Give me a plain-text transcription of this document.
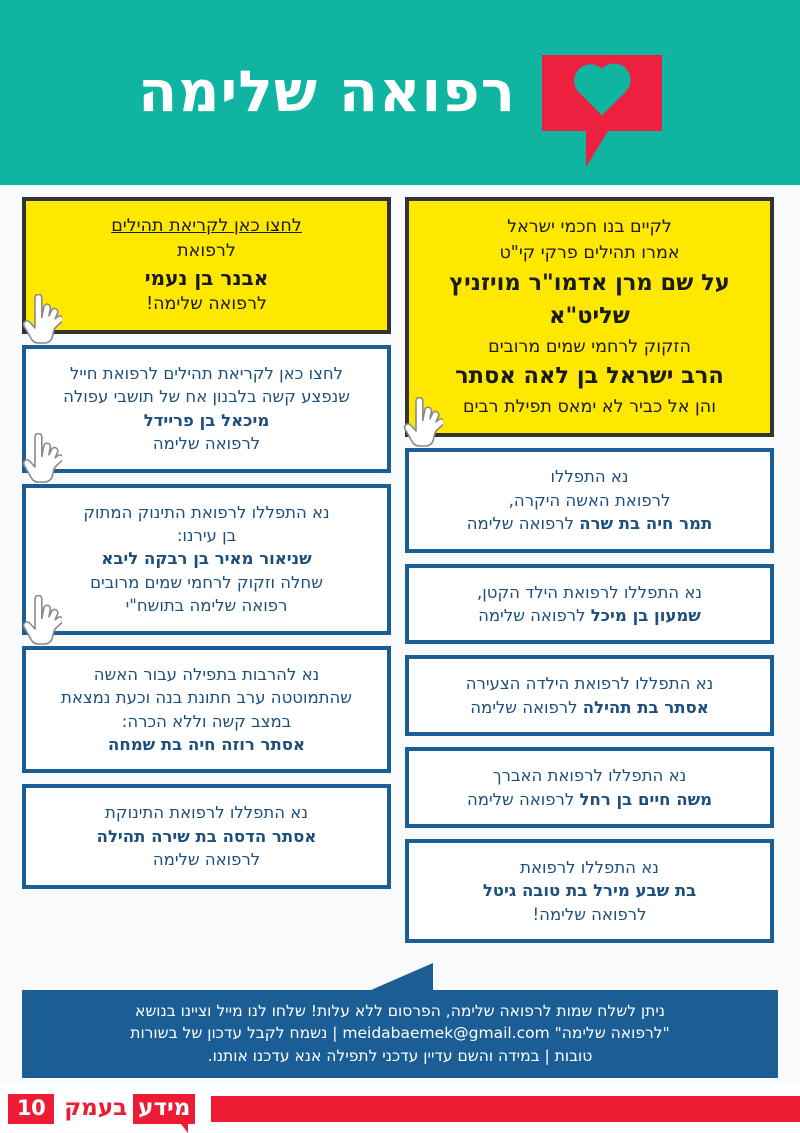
רפואה שלימה
לחצו כאן לקריאת תהילים
לרפואת
אבנר בן נעמי
לרפואה שלימה!
לחצו כאן לקריאת תהילים לרפואת חייל
שנפצע קשה בלבנון אח של תושבי עפולה
מיכאל בן פריידל
לרפואה שלימה
נא התפללו לרפואת התינוק המתוק
בן עירנו:
שניאור מאיר בן רבקה ליבא
שחלה וזקוק לרחמי שמים מרובים
רפואה שלימה בתושח"י
נא להרבות בתפילה עבור האשה
שהתמוטטה ערב חתונת בנה וכעת נמצאת
במצב קשה וללא הכרה:
אסתר רוזה חיה בת שמחה
נא התפללו לרפואת התינוקת
אסתר הדסה בת שירה תהילה
לרפואה שלימה
לקיים בנו חכמי ישראל
אמרו תהילים פרקי קי"ט
על שם מרן אדמו"ר מויזניץ שליט"א
הזקוק לרחמי שמים מרובים
הרב ישראל בן לאה אסתר
והן אל כביר לא ימאס תפילת רבים
נא התפללו
לרפואת האשה היקרה,
תמר חיה בת שרה לרפואה שלימה
נא התפללו לרפואת הילד הקטן,
שמעון בן מיכל לרפואה שלימה
נא התפללו לרפואת הילדה הצעירה
אסתר בת תהילה לרפואה שלימה
נא התפללו לרפואת האברך
משה חיים בן רחל לרפואה שלימה
נא התפללו לרפואת
בת שבע מירל בת טובה גיטל
לרפואה שלימה!
ניתן לשלח שמות לרפואה שלימה, הפרסום ללא עלות! שלחו לנו מייל וציינו בנושא
"לרפואה שלימה" meidabaemek@gmail.com | נשמח לקבל עדכון של בשורות
טובות | במידה והשם עדיין עדכני לתפילה אנא עדכנו אותנו.
מידע
בעמק
10
